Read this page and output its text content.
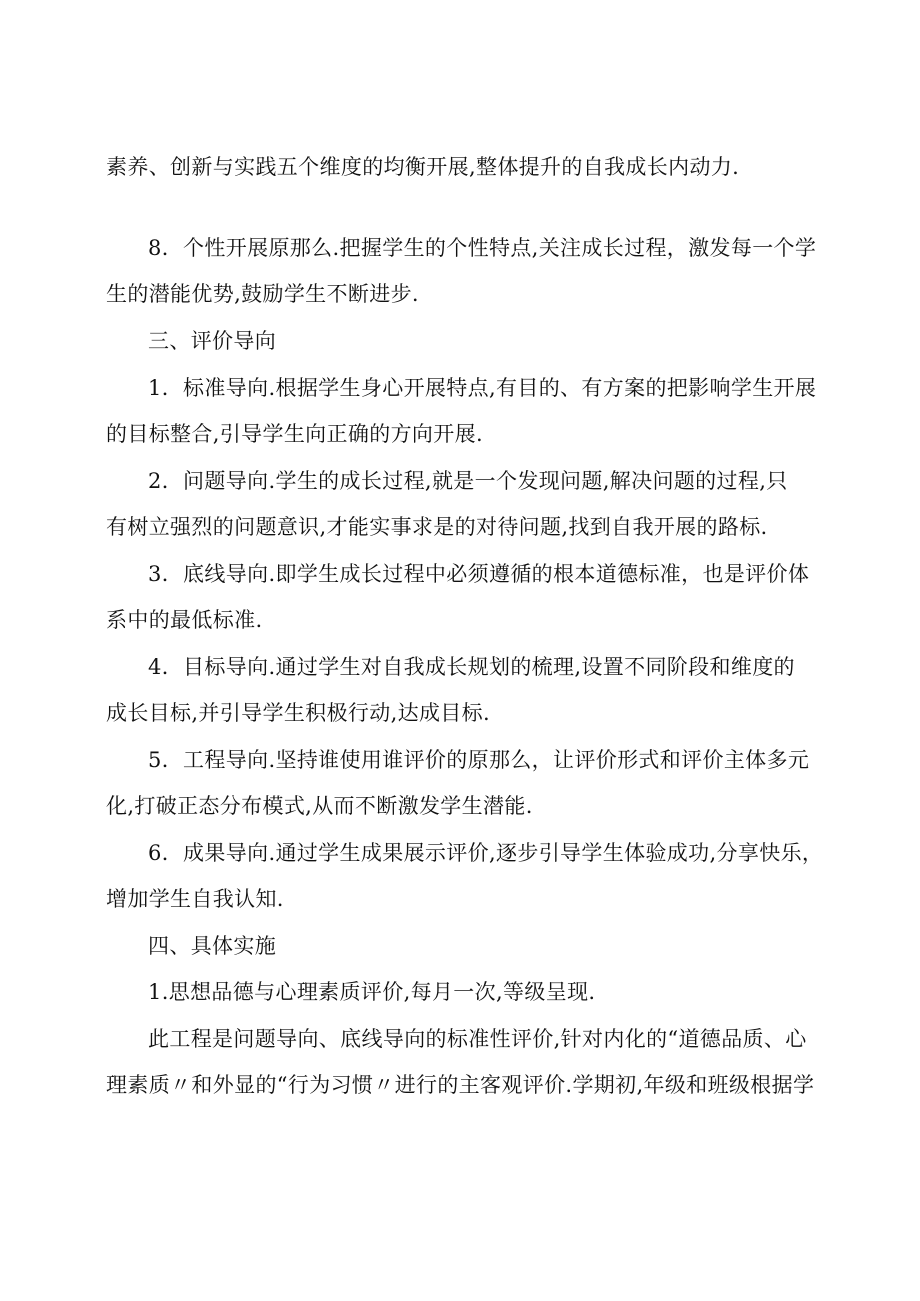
素养、创新与实践五个维度的均衡开展,整体提升的自我成长内动力.
8．个性开展原那么.把握学生的个性特点,关注成长过程，激发每一个学
生的潜能优势,鼓励学生不断进步.
三、评价导向
1．标准导向.根据学生身心开展特点,有目的、有方案的把影响学生开展
的目标整合,引导学生向正确的方向开展.
2．问题导向.学生的成长过程,就是一个发现问题,解决问题的过程,只
有树立强烈的问题意识,才能实事求是的对待问题,找到自我开展的路标.
3．底线导向.即学生成长过程中必须遵循的根本道德标准，也是评价体
系中的最低标准.
4．目标导向.通过学生对自我成长规划的梳理,设置不同阶段和维度的
成长目标,并引导学生积极行动,达成目标.
5．工程导向.坚持谁使用谁评价的原那么，让评价形式和评价主体多元
化,打破正态分布模式,从而不断激发学生潜能.
6．成果导向.通过学生成果展示评价,逐步引导学生体验成功,分享快乐，
增加学生自我认知.
四、具体实施
1.思想品德与心理素质评价,每月一次,等级呈现.
此工程是问题导向、底线导向的标准性评价,针对内化的“道德品质、心
理素质〃和外显的“行为习惯〃进行的主客观评价.学期初,年级和班级根据学
